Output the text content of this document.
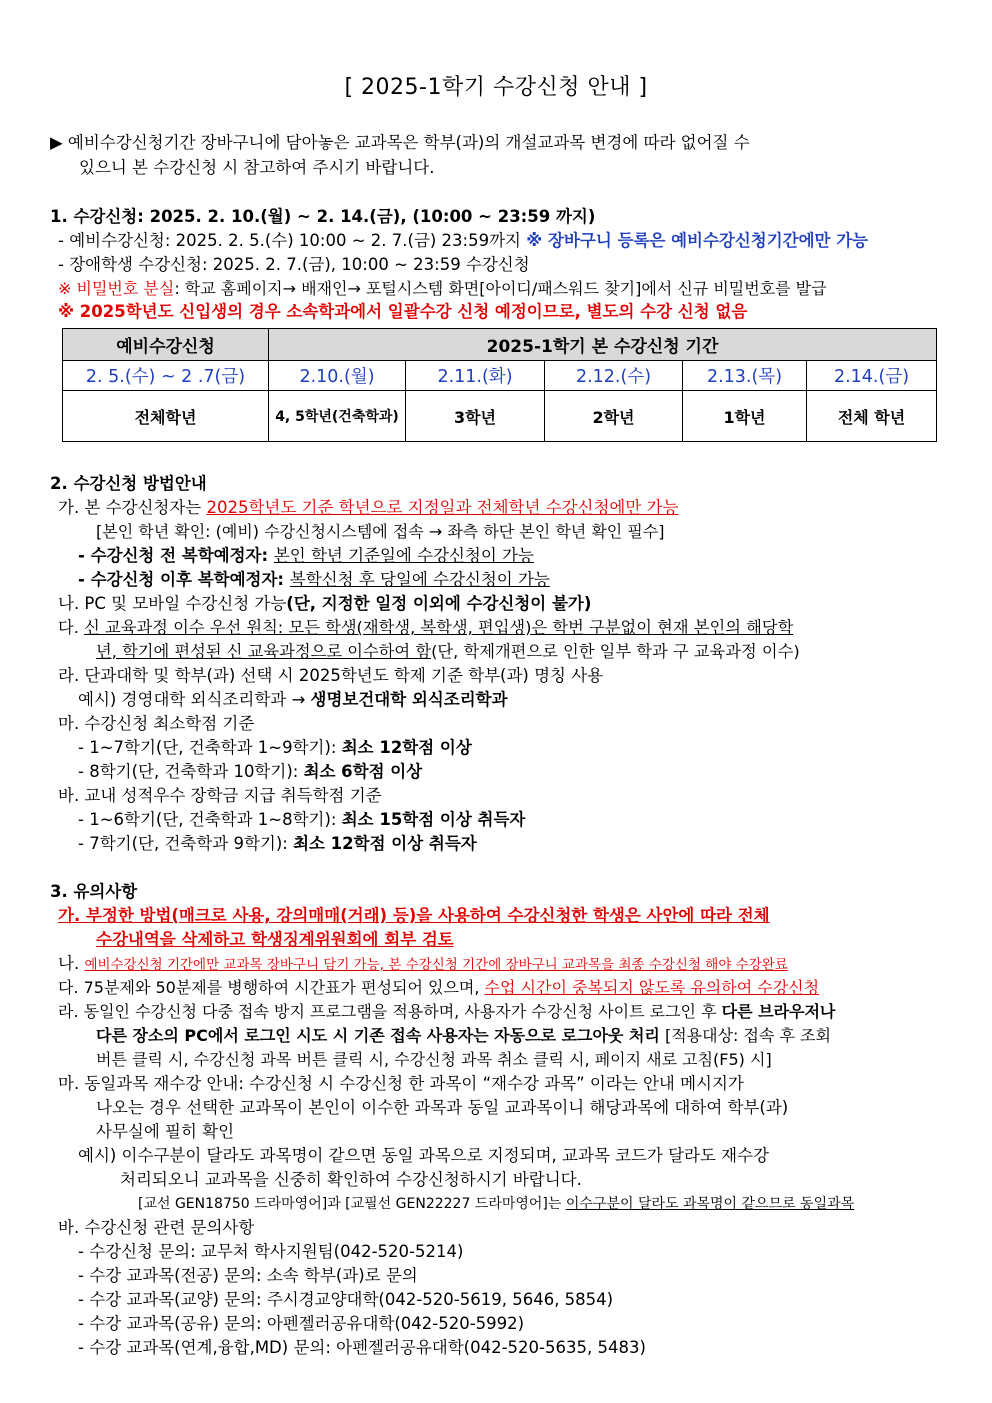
[ 2025-1학기 수강신청 안내 ]
▶ 예비수강신청기간 장바구니에 담아놓은 교과목은 학부(과)의 개설교과목 변경에 따라 없어질 수
있으니 본 수강신청 시 참고하여 주시기 바랍니다.
1. 수강신청: 2025. 2. 10.(월) ~ 2. 14.(금), (10:00 ~ 23:59 까지)
- 예비수강신청: 2025. 2. 5.(수) 10:00 ~ 2. 7.(금) 23:59까지 ※ 장바구니 등록은 예비수강신청기간에만 가능
- 장애학생 수강신청: 2025. 2. 7.(금), 10:00 ~ 23:59 수강신청
※ 비밀번호 분실: 학교 홈페이지→ 배재인→ 포털시스템 화면[아이디/패스워드 찾기]에서 신규 비밀번호를 발급
※ 2025학년도 신입생의 경우 소속학과에서 일괄수강 신청 예정이므로, 별도의 수강 신청 없음
예비수강신청	2025-1학기 본 수강신청 기간				
2. 5.(수) ~ 2 .7(금)	2.10.(월)	2.11.(화)	2.12.(수)	2.13.(목)	2.14.(금)
전체학년	4, 5학년(건축학과)	3학년	2학년	1학년	전체 학년
2. 수강신청 방법안내
가. 본 수강신청자는 2025학년도 기준 학년으로 지정일과 전체학년 수강신청에만 가능
[본인 학년 확인: (예비) 수강신청시스템에 접속 → 좌측 하단 본인 학년 확인 필수]
- 수강신청 전 복학예정자: 본인 학년 기준일에 수강신청이 가능
- 수강신청 이후 복학예정자: 복학신청 후 당일에 수강신청이 가능
나. PC 및 모바일 수강신청 가능(단, 지정한 일정 이외에 수강신청이 불가)
다. 신 교육과정 이수 우선 원칙: 모든 학생(재학생, 복학생, 편입생)은 학번 구분없이 현재 본인의 해당학
년, 학기에 편성된 신 교육과정으로 이수하여 함(단, 학제개편으로 인한 일부 학과 구 교육과정 이수)
라. 단과대학 및 학부(과) 선택 시 2025학년도 학제 기준 학부(과) 명칭 사용
예시) 경영대학 외식조리학과 → 생명보건대학 외식조리학과
마. 수강신청 최소학점 기준
- 1~7학기(단, 건축학과 1~9학기): 최소 12학점 이상
- 8학기(단, 건축학과 10학기): 최소 6학점 이상
바. 교내 성적우수 장학금 지급 취득학점 기준
- 1~6학기(단, 건축학과 1~8학기): 최소 15학점 이상 취득자
- 7학기(단, 건축학과 9학기): 최소 12학점 이상 취득자
3. 유의사항
가. 부정한 방법(매크로 사용, 강의매매(거래) 등)을 사용하여 수강신청한 학생은 사안에 따라 전체
수강내역을 삭제하고 학생징계위원회에 회부 검토
나. 예비수강신청 기간에만 교과목 장바구니 담기 가능, 본 수강신청 기간에 장바구니 교과목을 최종 수강신청 해야 수강완료
다. 75분제와 50분제를 병행하여 시간표가 편성되어 있으며, 수업 시간이 중복되지 않도록 유의하여 수강신청
라. 동일인 수강신청 다중 접속 방지 프로그램을 적용하며, 사용자가 수강신청 사이트 로그인 후 다른 브라우저나
다른 장소의 PC에서 로그인 시도 시 기존 접속 사용자는 자동으로 로그아웃 처리 [적용대상: 접속 후 조회
버튼 클릭 시, 수강신청 과목 버튼 클릭 시, 수강신청 과목 취소 클릭 시, 페이지 새로 고침(F5) 시]
마. 동일과목 재수강 안내: 수강신청 시 수강신청 한 과목이 “재수강 과목” 이라는 안내 메시지가
나오는 경우 선택한 교과목이 본인이 이수한 과목과 동일 교과목이니 해당과목에 대하여 학부(과)
사무실에 필히 확인
예시) 이수구분이 달라도 과목명이 같으면 동일 과목으로 지정되며, 교과목 코드가 달라도 재수강
처리되오니 교과목을 신중히 확인하여 수강신청하시기 바랍니다.
[교선 GEN18750 드라마영어]과 [교필선 GEN22227 드라마영어]는 이수구분이 달라도 과목명이 같으므로 동일과목
바. 수강신청 관련 문의사항
- 수강신청 문의: 교무처 학사지원팀(042-520-5214)
- 수강 교과목(전공) 문의: 소속 학부(과)로 문의
- 수강 교과목(교양) 문의: 주시경교양대학(042-520-5619, 5646, 5854)
- 수강 교과목(공유) 문의: 아펜젤러공유대학(042-520-5992)
- 수강 교과목(연계,융합,MD) 문의: 아펜젤러공유대학(042-520-5635, 5483)
